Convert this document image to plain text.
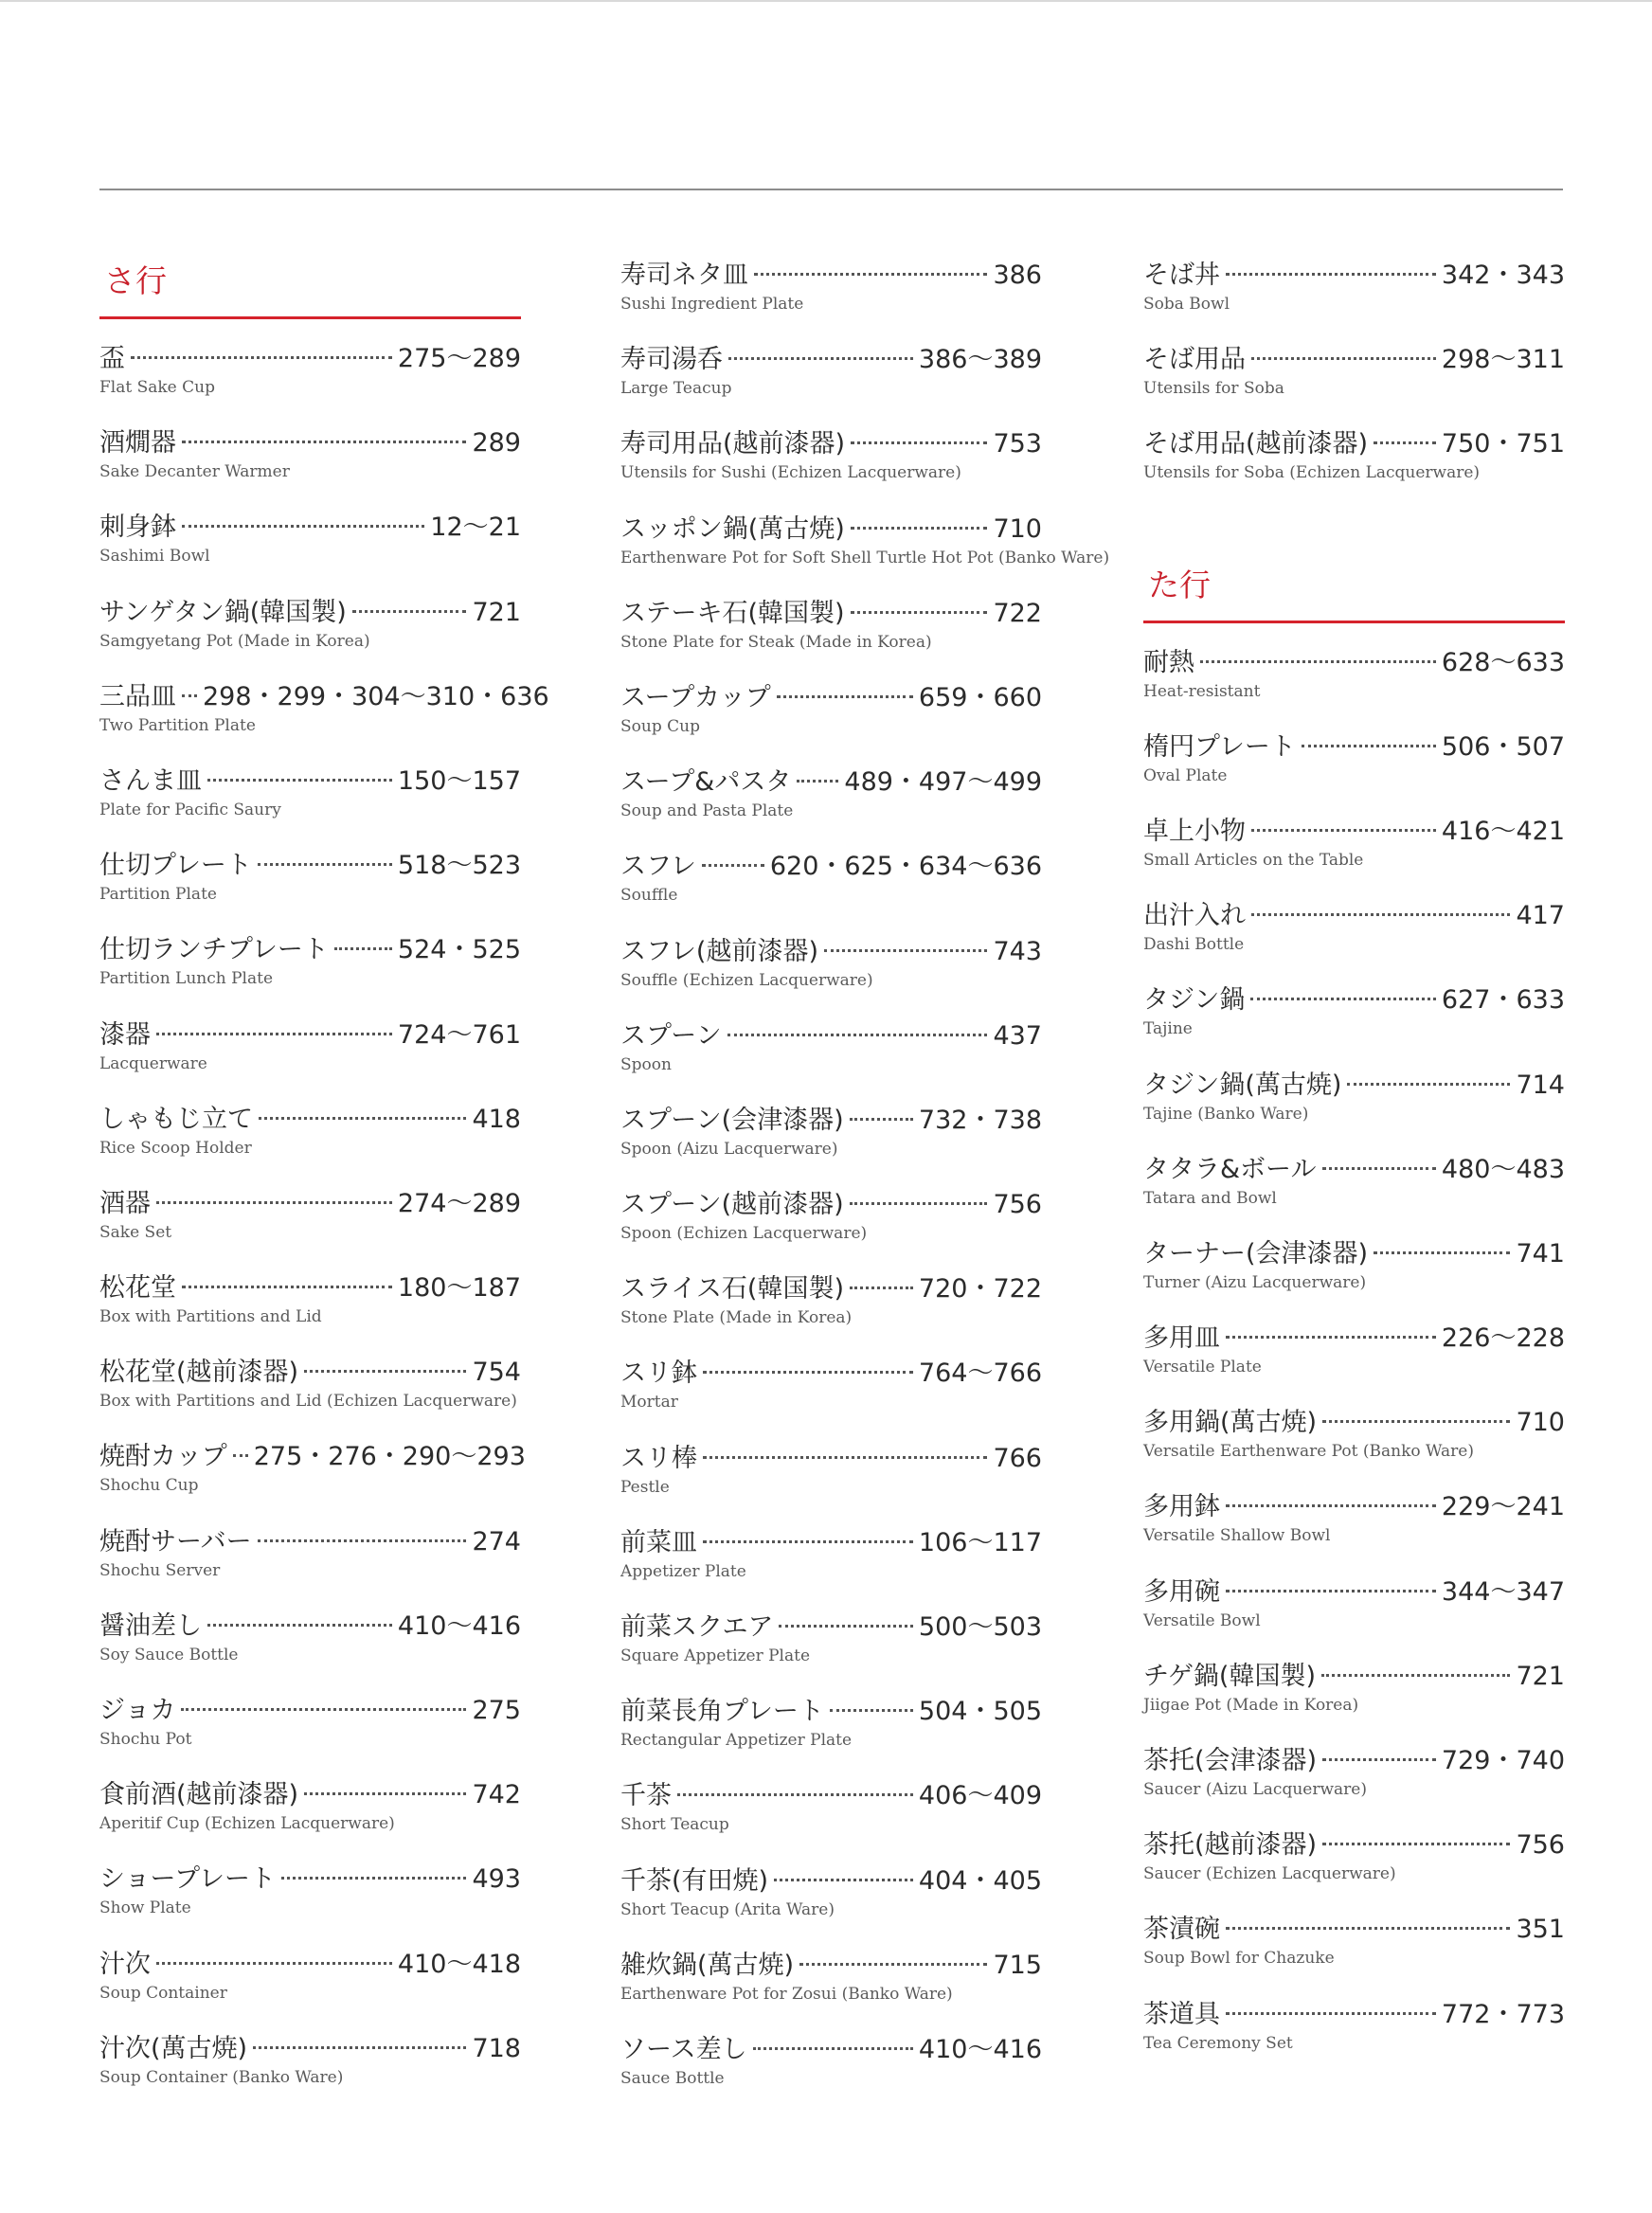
さ行
盃	275〜289
Flat Sake Cup
酒燗器	289
Sake Decanter Warmer
刺身鉢	12〜21
Sashimi Bowl
サンゲタン鍋(韓国製)	721
Samgyetang Pot (Made in Korea)
三品皿 298・299・304〜310・636
Two Partition Plate
さんま皿	150〜157
Plate for Pacific Saury
仕切プレート	518〜523
Partition Plate
仕切ランチプレート	524・525
Partition Lunch Plate
漆器	724〜761
Lacquerware
しゃもじ立て	418
Rice Scoop Holder
酒器	274〜289
Sake Set
松花堂	180〜187
Box with Partitions and Lid
松花堂(越前漆器)	754
Box with Partitions and Lid (Echizen Lacquerware)
焼酎カップ 275・276・290〜293
Shochu Cup
焼酎サーバー	274
Shochu Server
醤油差し	410〜416
Soy Sauce Bottle
ジョカ	275
Shochu Pot
食前酒(越前漆器)	742
Aperitif Cup (Echizen Lacquerware)
ショープレート	493
Show Plate
汁次	410〜418
Soup Container
汁次(萬古焼)	718
Soup Container (Banko Ware)
寿司ネタ皿	386
Sushi Ingredient Plate
寿司湯呑	386〜389
Large Teacup
寿司用品(越前漆器)	753
Utensils for Sushi (Echizen Lacquerware)
スッポン鍋(萬古焼)	710
Earthenware Pot for Soft Shell Turtle Hot Pot (Banko Ware)
ステーキ石(韓国製)	722
Stone Plate for Steak (Made in Korea)
スープカップ	659・660
Soup Cup
スープ&パスタ 489・497〜499
Soup and Pasta Plate
スフレ	620・625・634〜636
Souffle
スフレ(越前漆器)	743
Souffle (Echizen Lacquerware)
スプーン	437
Spoon
スプーン(会津漆器)	732・738
Spoon (Aizu Lacquerware)
スプーン(越前漆器)	756
Spoon (Echizen Lacquerware)
スライス石(韓国製)	720・722
Stone Plate (Made in Korea)
スリ鉢	764〜766
Mortar
スリ棒	766
Pestle
前菜皿	106〜117
Appetizer Plate
前菜スクエア	500〜503
Square Appetizer Plate
前菜長角プレート	504・505
Rectangular Appetizer Plate
千茶	406〜409
Short Teacup
千茶(有田焼)	404・405
Short Teacup (Arita Ware)
雑炊鍋(萬古焼)	715
Earthenware Pot for Zosui (Banko Ware)
ソース差し	410〜416
Sauce Bottle
そば丼	342・343
Soba Bowl
そば用品	298〜311
Utensils for Soba
そば用品(越前漆器)	750・751
Utensils for Soba (Echizen Lacquerware)
た行
耐熱	628〜633
Heat-resistant
楕円プレート	506・507
Oval Plate
卓上小物	416〜421
Small Articles on the Table
出汁入れ	417
Dashi Bottle
タジン鍋	627・633
Tajine
タジン鍋(萬古焼)	714
Tajine (Banko Ware)
タタラ&ボール	480〜483
Tatara and Bowl
ターナー(会津漆器)	741
Turner (Aizu Lacquerware)
多用皿	226〜228
Versatile Plate
多用鍋(萬古焼)	710
Versatile Earthenware Pot (Banko Ware)
多用鉢	229〜241
Versatile Shallow Bowl
多用碗	344〜347
Versatile Bowl
チゲ鍋(韓国製)	721
Jiigae Pot (Made in Korea)
茶托(会津漆器)	729・740
Saucer (Aizu Lacquerware)
茶托(越前漆器)	756
Saucer (Echizen Lacquerware)
茶漬碗	351
Soup Bowl for Chazuke
茶道具	772・773
Tea Ceremony Set
